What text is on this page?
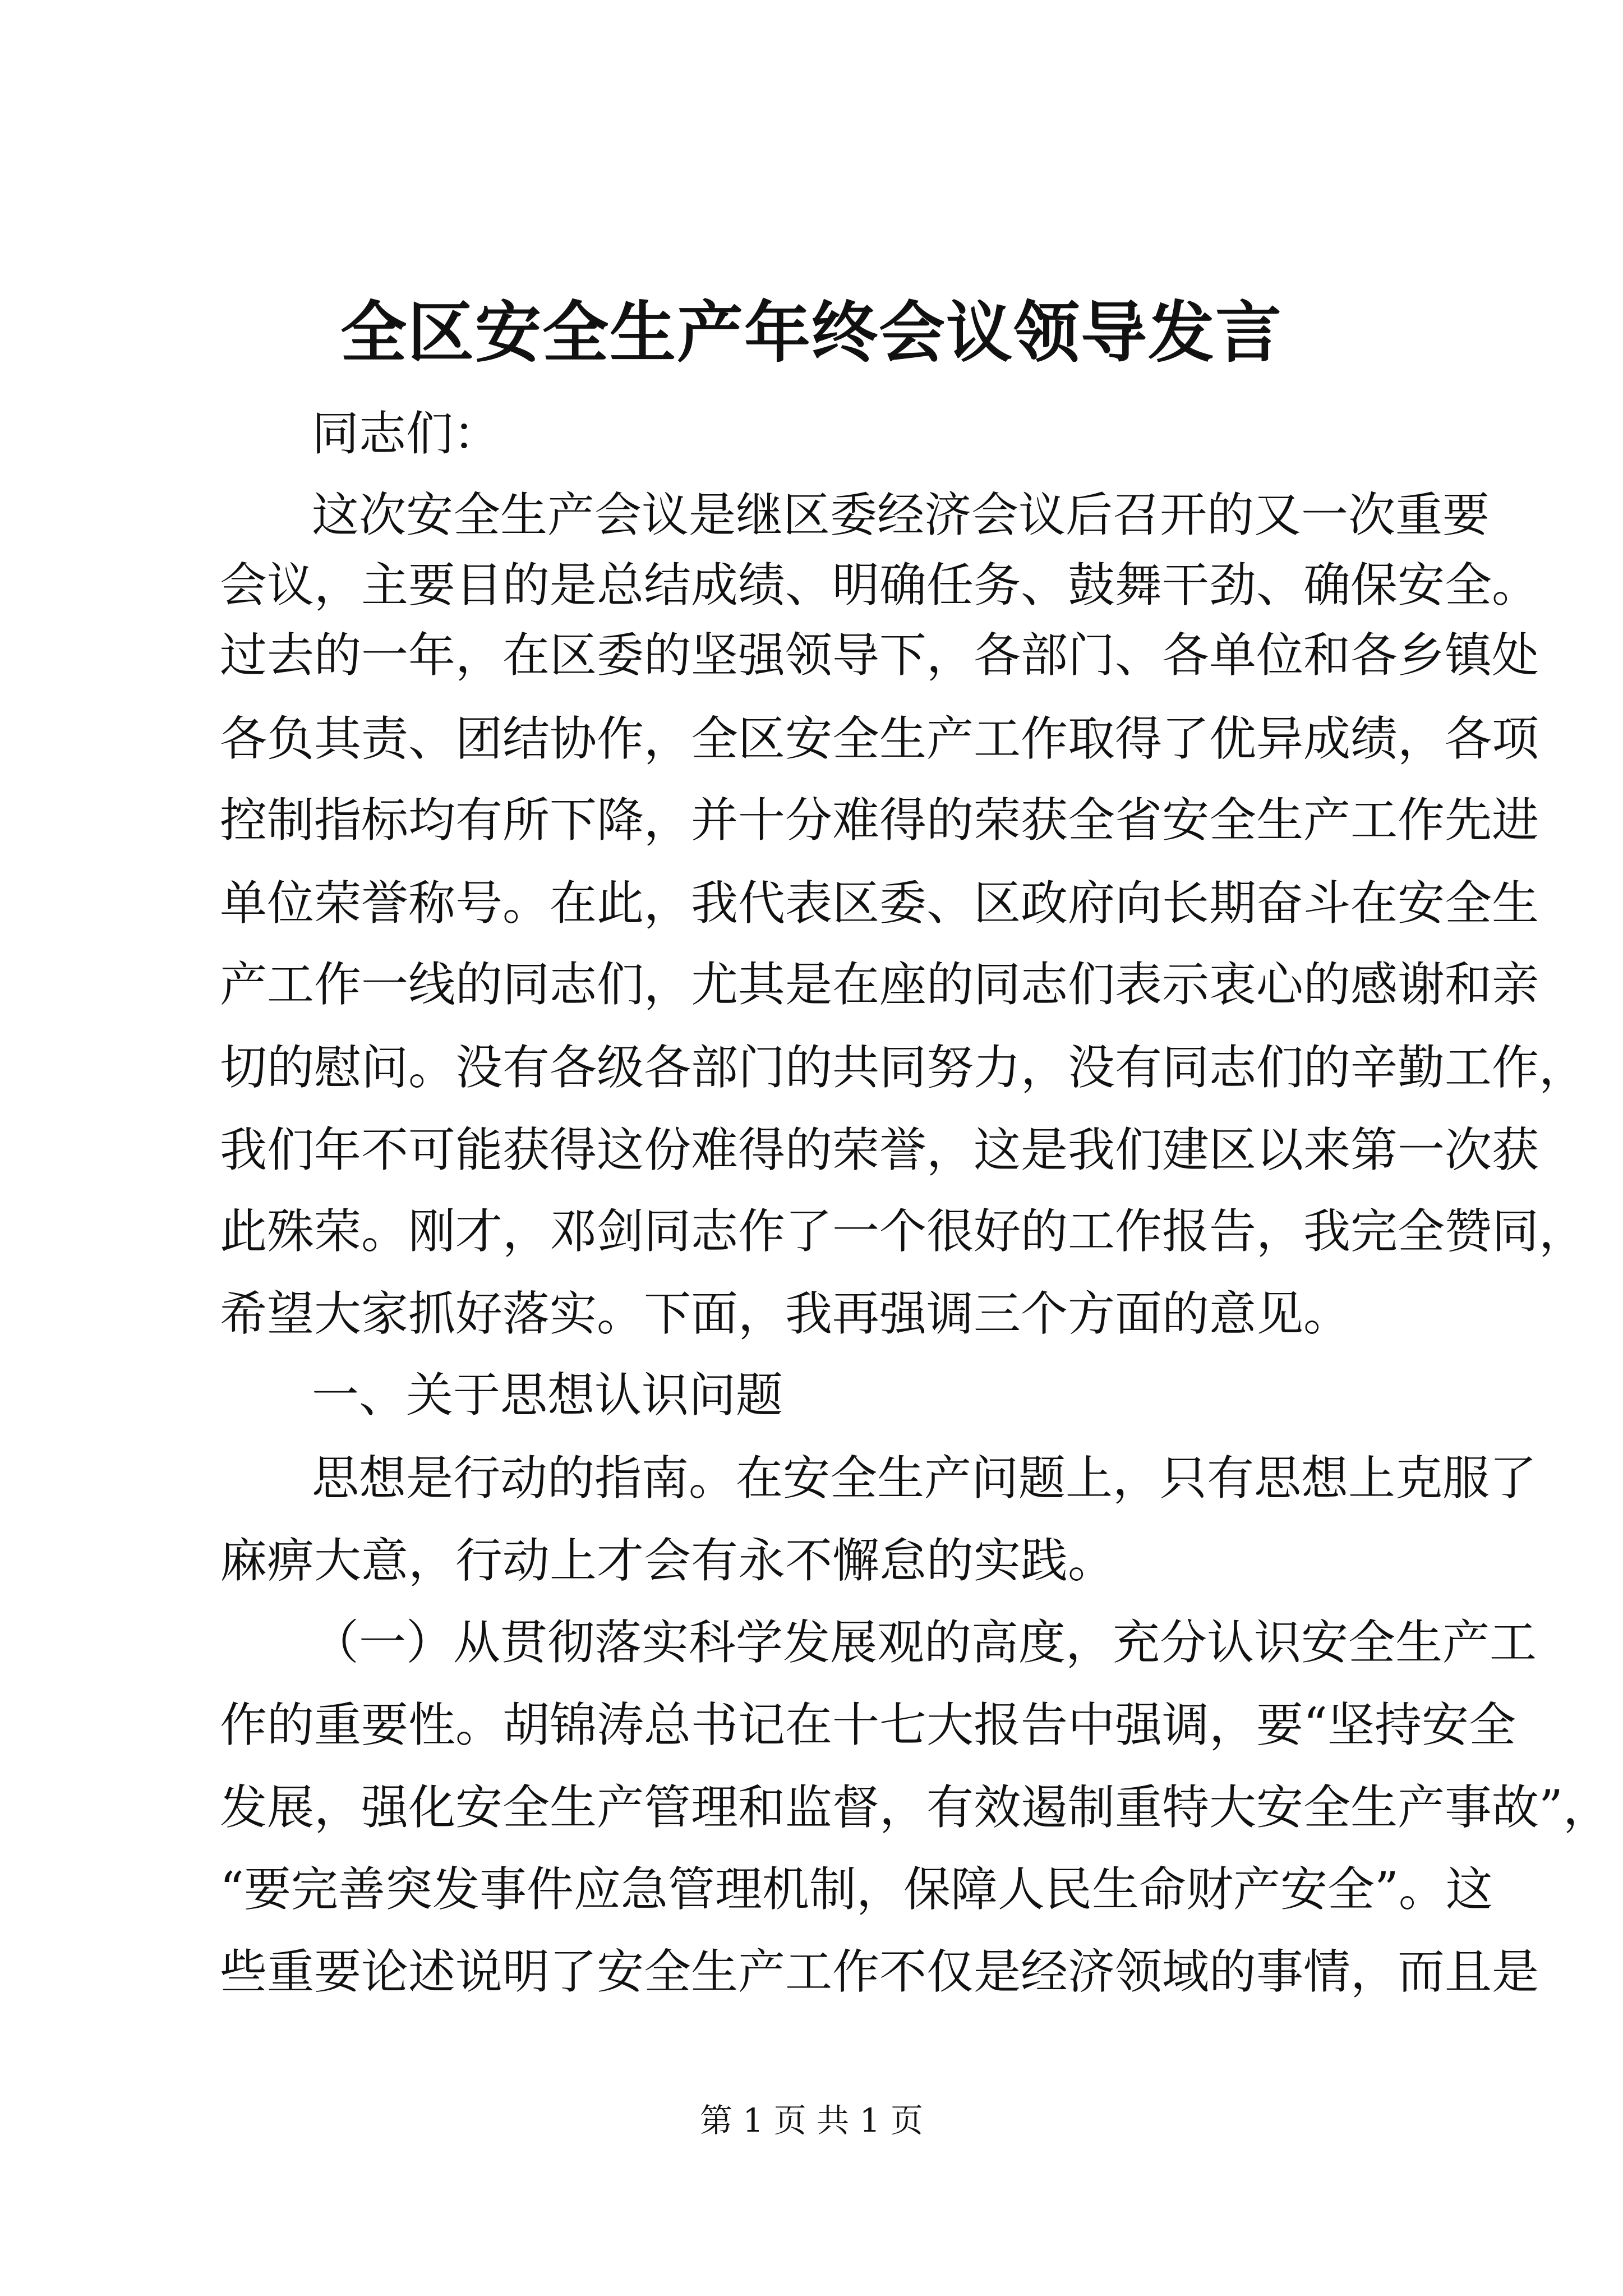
全区安全生产年终会议领导发言
同志们：
这次安全生产会议是继区委经济会议后召开的又一次重要
会议，主要目的是总结成绩、明确任务、鼓舞干劲、确保安全。
过去的一年，在区委的坚强领导下，各部门、各单位和各乡镇处
各负其责、团结协作，全区安全生产工作取得了优异成绩，各项
控制指标均有所下降，并十分难得的荣获全省安全生产工作先进
单位荣誉称号。在此，我代表区委、区政府向长期奋斗在安全生
产工作一线的同志们，尤其是在座的同志们表示衷心的感谢和亲
切的慰问。没有各级各部门的共同努力，没有同志们的辛勤工作，
我们年不可能获得这份难得的荣誉，这是我们建区以来第一次获
此殊荣。刚才，邓剑同志作了一个很好的工作报告，我完全赞同，
希望大家抓好落实。下面，我再强调三个方面的意见。
一、关于思想认识问题
思想是行动的指南。在安全生产问题上，只有思想上克服了
麻痹大意，行动上才会有永不懈怠的实践。
（一）从贯彻落实科学发展观的高度，充分认识安全生产工
作的重要性。胡锦涛总书记在十七大报告中强调，要“坚持安全
发展，强化安全生产管理和监督，有效遏制重特大安全生产事故”，
“要完善突发事件应急管理机制，保障人民生命财产安全”。这
些重要论述说明了安全生产工作不仅是经济领域的事情，而且是
第 1 页 共 1 页
